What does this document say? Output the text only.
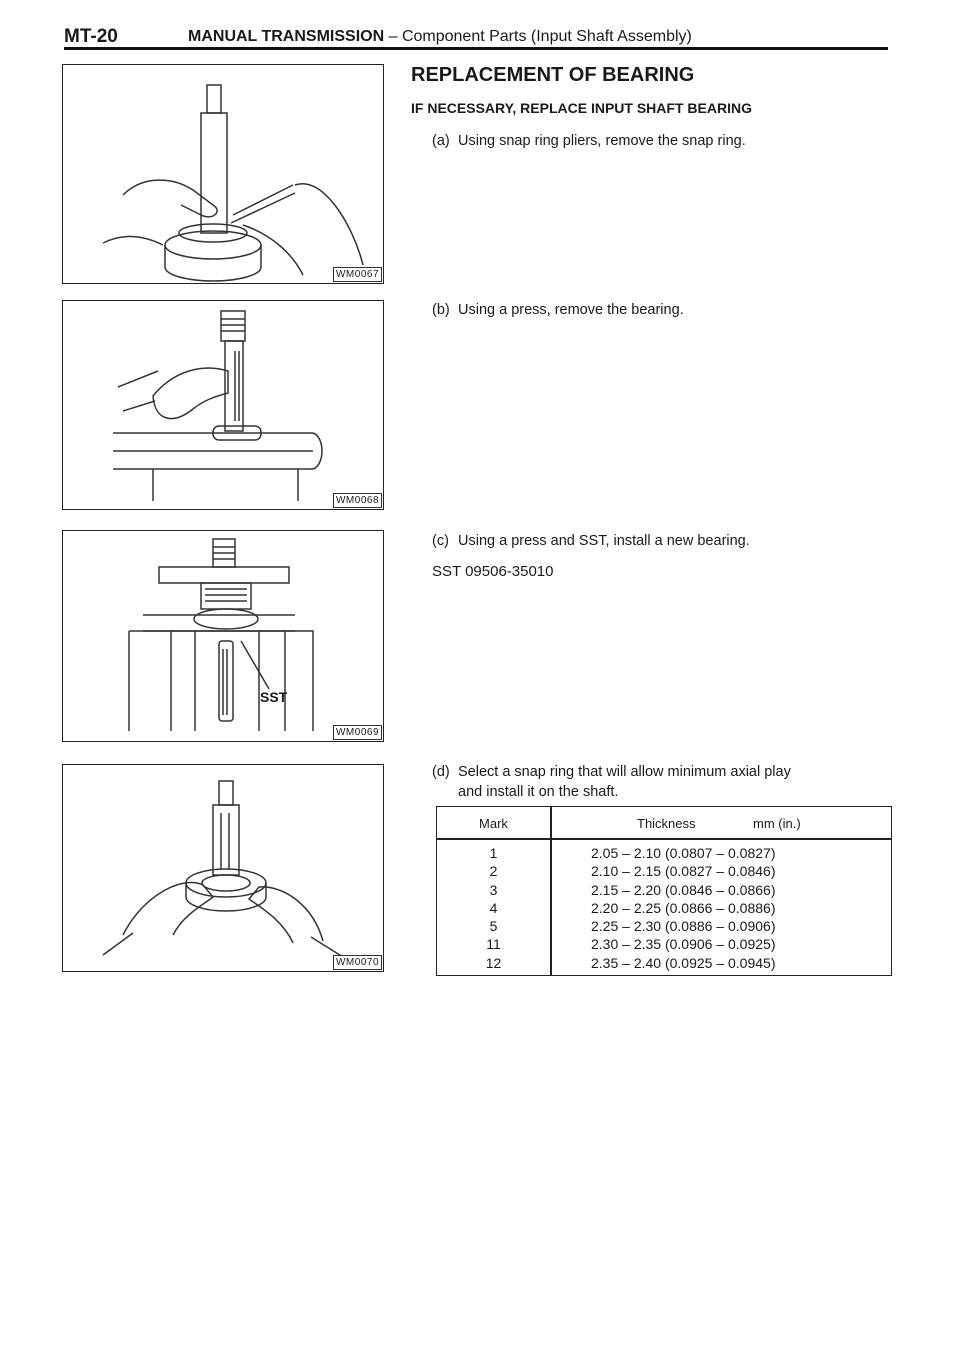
MT-20	MANUAL TRANSMISSION – Component Parts (Input Shaft Assembly)
WM0067
WM0068
SST
WM0069
WM0070
REPLACEMENT OF BEARING
IF NECESSARY, REPLACE INPUT SHAFT BEARING
(a) Using snap ring pliers, remove the snap ring.
(b) Using a press, remove the bearing.
(c) Using a press and SST, install a new bearing.
SST 09506-35010
(d) Select a snap ring that will allow minimum axial play
and install it on the shaft.
Mark	Thickness	mm (in.)
1	2.05 – 2.10 (0.0807 – 0.0827)
2	2.10 – 2.15 (0.0827 – 0.0846)
3	2.15 – 2.20 (0.0846 – 0.0866)
4	2.20 – 2.25 (0.0866 – 0.0886)
5	2.25 – 2.30 (0.0886 – 0.0906)
11	2.30 – 2.35 (0.0906 – 0.0925)
12	2.35 – 2.40 (0.0925 – 0.0945)
